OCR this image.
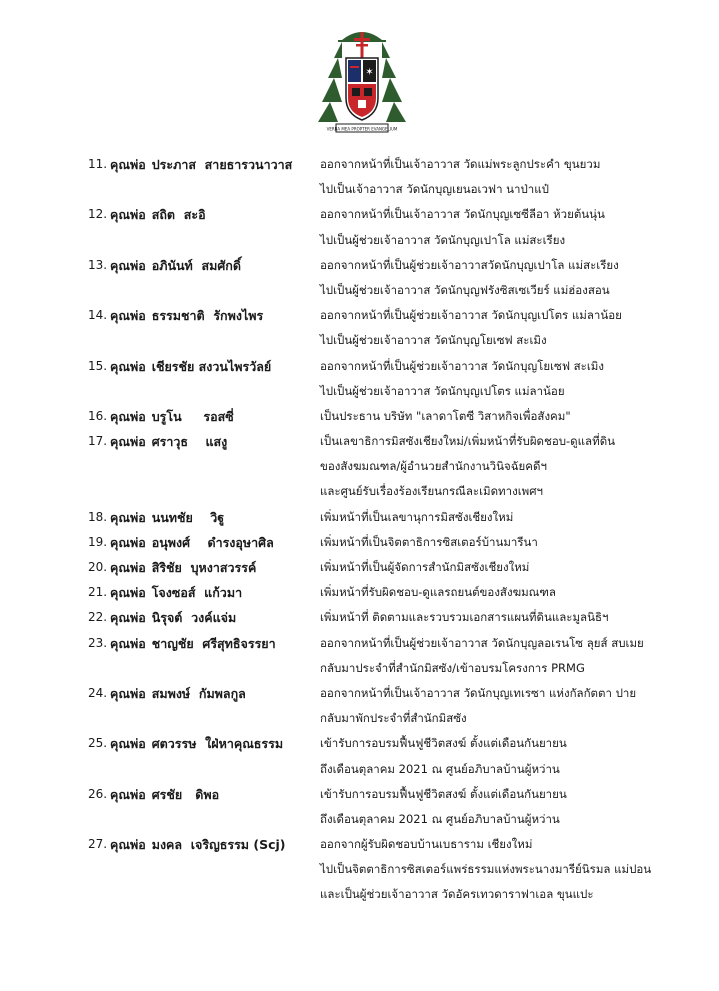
✶
VERBA MEA PROPTER EVANGELIUM
11. คุณพ่อ ประภาส  สายธารวนาวาส ออกจากหน้าที่เป็นเจ้าอาวาส วัดแม่พระลูกประคำ ขุนยวม
ไปเป็นเจ้าอาวาส วัดนักบุญเยนอเวฟา นาป่าแป๋
12. คุณพ่อ สถิต  สะอิ	ออกจากหน้าที่เป็นเจ้าอาวาส วัดนักบุญเซซีลีอา ห้วยต้นนุ่น
ไปเป็นผู้ช่วยเจ้าอาวาส วัดนักบุญเปาโล แม่สะเรียง
13. คุณพ่อ อภินันท์  สมศักดิ์	ออกจากหน้าที่เป็นผู้ช่วยเจ้าอาวาสวัดนักบุญเปาโล แม่สะเรียง
ไปเป็นผู้ช่วยเจ้าอาวาส วัดนักบุญฟรังซิสเซเวียร์ แม่ฮ่องสอน
14. คุณพ่อ ธรรมชาติ  รักพงไพร	ออกจากหน้าที่เป็นผู้ช่วยเจ้าอาวาส วัดนักบุญเปโตร แม่ลาน้อย
ไปเป็นผู้ช่วยเจ้าอาวาส วัดนักบุญโยเซฟ สะเมิง
15. คุณพ่อ เชียรชัย สงวนไพรวัลย์	ออกจากหน้าที่เป็นผู้ช่วยเจ้าอาวาส วัดนักบุญโยเซฟ สะเมิง
ไปเป็นผู้ช่วยเจ้าอาวาส วัดนักบุญเปโตร แม่ลาน้อย
16. คุณพ่อ บรูโน     รอสซี่	เป็นประธาน บริษัท "เลาดาโตซี วิสาหกิจเพื่อสังคม"
17. คุณพ่อ ศราวุธ    แสงู	เป็นเลขาธิการมิสซังเชียงใหม่/เพิ่มหน้าที่รับผิดชอบ-ดูแลที่ดิน
ของสังฆมณฑล/ผู้อำนวยสำนักงานวินิจฉัยคดีฯ
และศูนย์รับเรื่องร้องเรียนกรณีละเมิดทางเพศฯ
18. คุณพ่อ นนทชัย    วิฐู	เพิ่มหน้าที่เป็นเลขานุการมิสซังเชียงใหม่
19. คุณพ่อ อนุพงศ์    ดำรงอุษาศิล	เพิ่มหน้าที่เป็นจิตตาธิการซิสเตอร์บ้านมารีนา
20. คุณพ่อ สิริชัย  บุหงาสวรรค์	เพิ่มหน้าที่เป็นผู้จัดการสำนักมิสซังเชียงใหม่
21. คุณพ่อ โจงซอส์  แก้วมา	เพิ่มหน้าที่รับผิดชอบ-ดูแลรถยนต์ของสังฆมณฑล
22. คุณพ่อ นิรุจต์  วงค์แจ่ม	เพิ่มหน้าที่ ติดตามและรวบรวมเอกสารแผนที่ดินและมูลนิธิฯ
23. คุณพ่อ ชาญชัย  ศรีสุทธิจรรยา	ออกจากหน้าที่เป็นผู้ช่วยเจ้าอาวาส วัดนักบุญลอเรนโซ ลุยส์ สบเมย
กลับมาประจำที่สำนักมิสซัง/เข้าอบรมโครงการ PRMG
24. คุณพ่อ สมพงษ์  กัมพลกูล	ออกจากหน้าที่เป็นเจ้าอาวาส วัดนักบุญเทเรซา แห่งกัลกัตตา ปาย
กลับมาพักประจำที่สำนักมิสซัง
25. คุณพ่อ ศตวรรษ  ใฝ่หาคุณธรรม	เข้ารับการอบรมฟื้นฟูชีวิตสงฆ์ ตั้งแต่เดือนกันยายน
ถึงเดือนตุลาคม 2021 ณ ศูนย์อภิบาลบ้านผู้หว่าน
26. คุณพ่อ ศรชัย   ดิพอ	เข้ารับการอบรมฟื้นฟูชีวิตสงฆ์ ตั้งแต่เดือนกันยายน
ถึงเดือนตุลาคม 2021 ณ ศูนย์อภิบาลบ้านผู้หว่าน
27. คุณพ่อ มงคล  เจริญธรรม (Scj)	ออกจากผู้รับผิดชอบบ้านเบธาราม เชียงใหม่
ไปเป็นจิตตาธิการซิสเตอร์แพร่ธรรมแห่งพระนางมารีย์นิรมล แม่ปอน
และเป็นผู้ช่วยเจ้าอาวาส วัดอัครเทวดาราฟาเอล ขุนแปะ
